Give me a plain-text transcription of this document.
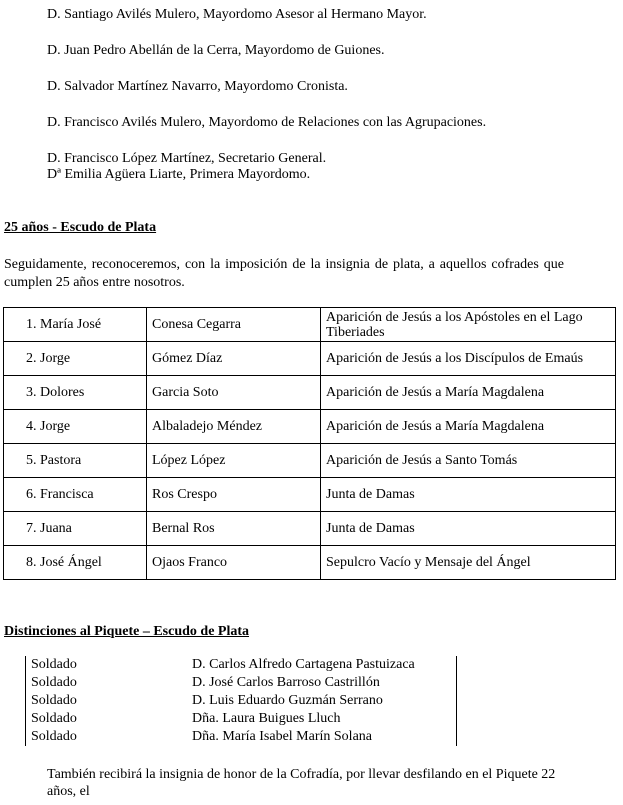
D. Santiago Avilés Mulero, Mayordomo Asesor al Hermano Mayor.
D. Juan Pedro Abellán de la Cerra, Mayordomo de Guiones.
D. Salvador Martínez Navarro, Mayordomo Cronista.
D. Francisco Avilés Mulero, Mayordomo de Relaciones con las Agrupaciones.
D. Francisco López Martínez, Secretario General.
Dª Emilia Agüera Liarte, Primera Mayordomo.
25 años - Escudo de Plata
Seguidamente, reconoceremos, con la imposición de la insignia de plata, a aquellos cofrades que cumplen 25 años entre nosotros.
1. María José	Conesa Cegarra	Aparición de Jesús a los Apóstoles en el Lago Tiberiades
2. Jorge	Gómez Díaz	Aparición de Jesús a los Discípulos de Emaús
3. Dolores	Garcia Soto	Aparición de Jesús a María Magdalena
4. Jorge	Albaladejo Méndez	Aparición de Jesús a María Magdalena
5. Pastora	López López	Aparición de Jesús a Santo Tomás
6. Francisca	Ros Crespo	Junta de Damas
7. Juana	Bernal Ros	Junta de Damas
8. José Ángel	Ojaos Franco	Sepulcro Vacío y Mensaje del Ángel
Distinciones al Piquete – Escudo de Plata
Soldado	D. Carlos Alfredo Cartagena Pastuizaca
Soldado	D. José Carlos Barroso Castrillón
Soldado	D. Luis Eduardo Guzmán Serrano
Soldado	Dña. Laura Buigues Lluch
Soldado	Dña. María Isabel Marín Solana
También recibirá la insignia de honor de la Cofradía, por llevar desfilando en el Piquete 22 años, el
